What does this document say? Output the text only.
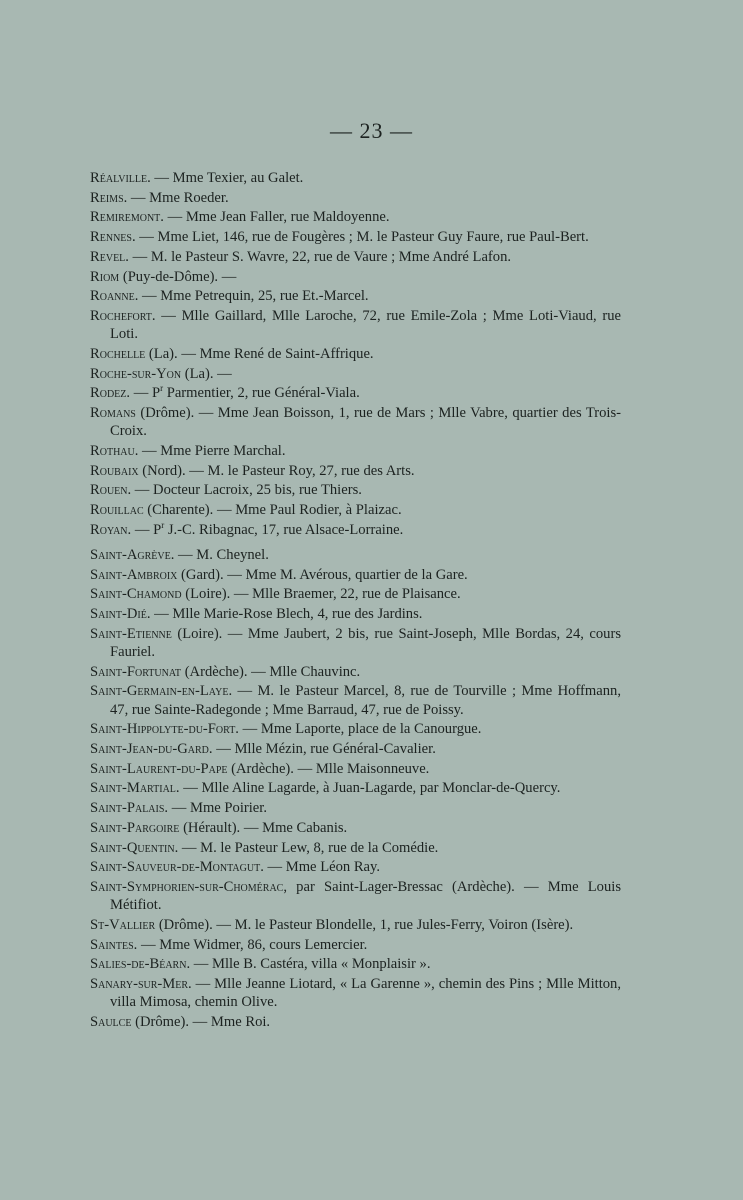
— 23 —

Réalville. — Mme Texier, au Galet.

Reims. — Mme Roeder.

Remiremont. — Mme Jean Faller, rue Maldoyenne.

Rennes. — Mme Liet, 146, rue de Fougères ; M. le Pasteur Guy Faure, rue Paul-Bert.

Revel. — M. le Pasteur S. Wavre, 22, rue de Vaure ; Mme André Lafon.

Riom (Puy-de-Dôme). —

Roanne. — Mme Petrequin, 25, rue Et.-Marcel.

Rochefort. — Mlle Gaillard, Mlle Laroche, 72, rue Emile-Zola ; Mme Loti-Viaud, rue Loti.

Rochelle (La). — Mme René de Saint-Affrique.

Roche-sur-Yon (La). —

Rodez. — $P^r$ Parmentier, 2, rue Général-Viala.

Romans (Drôme). — Mme Jean Boisson, 1, rue de Mars ; Mlle Vabre, quartier des Trois-Croix.

Rothau. — Mme Pierre Marchal.

Roubaix (Nord). — M. le Pasteur Roy, 27, rue des Arts.

Rouen. — Docteur Lacroix, 25 bis, rue Thiers.

Rouillac (Charente). — Mme Paul Rodier, à Plaizac.

Royan. — $P^r$ J.-C. Ribagnac, 17, rue Alsace-Lorraine.

Saint-Agrève. — M. Cheynel.

Saint-Ambroix (Gard). — Mme M. Avérous, quartier de la Gare.

Saint-Chamond (Loire). — Mlle Braemer, 22, rue de Plaisance.

Saint-Dié. — Mlle Marie-Rose Blech, 4, rue des Jardins.

Saint-Etienne (Loire). — Mme Jaubert, 2 bis, rue Saint-Joseph, Mlle Bordas, 24, cours Fauriel.

Saint-Fortunat (Ardèche). — Mlle Chauvinc.

Saint-Germain-en-Laye. — M. le Pasteur Marcel, 8, rue de Tourville ; Mme Hoffmann, 47, rue Sainte-Radegonde ; Mme Barraud, 47, rue de Poissy.

Saint-Hippolyte-du-Fort. — Mme Laporte, place de la Canourgue.

Saint-Jean-du-Gard. — Mlle Mézin, rue Général-Cavalier.

Saint-Laurent-du-Pape (Ardèche). — Mlle Maisonneuve.

Saint-Martial. — Mlle Aline Lagarde, à Juan-Lagarde, par Monclar-de-Quercy.

Saint-Palais. — Mme Poirier.

Saint-Pargoire (Hérault). — Mme Cabanis.

Saint-Quentin. — M. le Pasteur Lew, 8, rue de la Comédie.

Saint-Sauveur-de-Montagut. — Mme Léon Ray.

Saint-Symphorien-sur-Chomérac, par Saint-Lager-Bressac (Ardèche). — Mme Louis Métifiot.

St-Vallier (Drôme). — M. le Pasteur Blondelle, 1, rue Jules-Ferry, Voiron (Isère).

Saintes. — Mme Widmer, 86, cours Lemercier.

Salies-de-Béarn. — Mlle B. Castéra, villa « Monplaisir ».

Sanary-sur-Mer. — Mlle Jeanne Liotard, « La Garenne », chemin des Pins ; Mlle Mitton, villa Mimosa, chemin Olive.

Saulce (Drôme). — Mme Roi.
